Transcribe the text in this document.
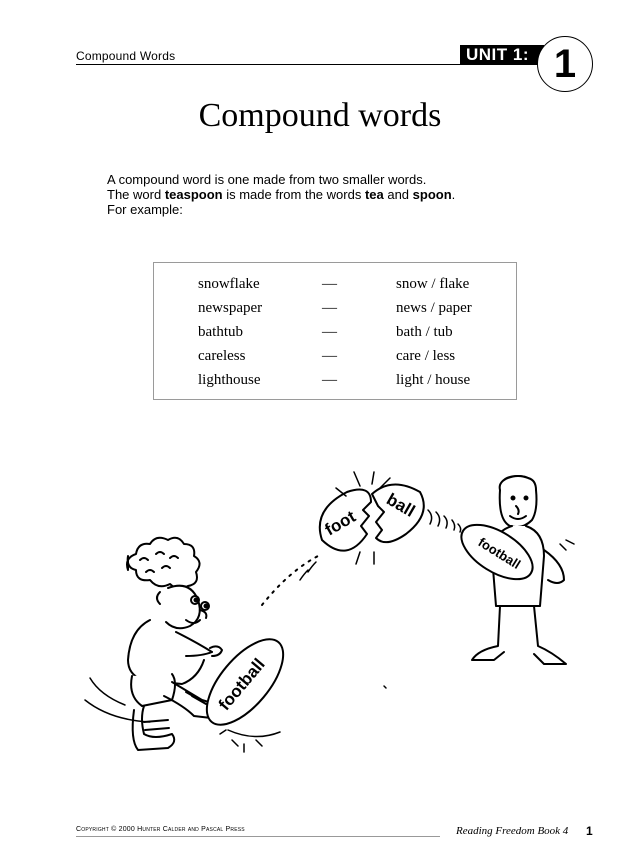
Compound Words	UNIT 1: 1
Compound words
A compound word is one made from two smaller words.
The word teaspoon is made from the words tea and spoon.
For example:
snowflake	—	snow / flake
newspaper	—	news / paper
bathtub	—	bath / tub
careless	—	care / less
lighthouse	—	light / house
football
foot
ball
football
Copyright © 2000 Hunter Calder and Pascal Press	Reading Freedom Book 4 1
